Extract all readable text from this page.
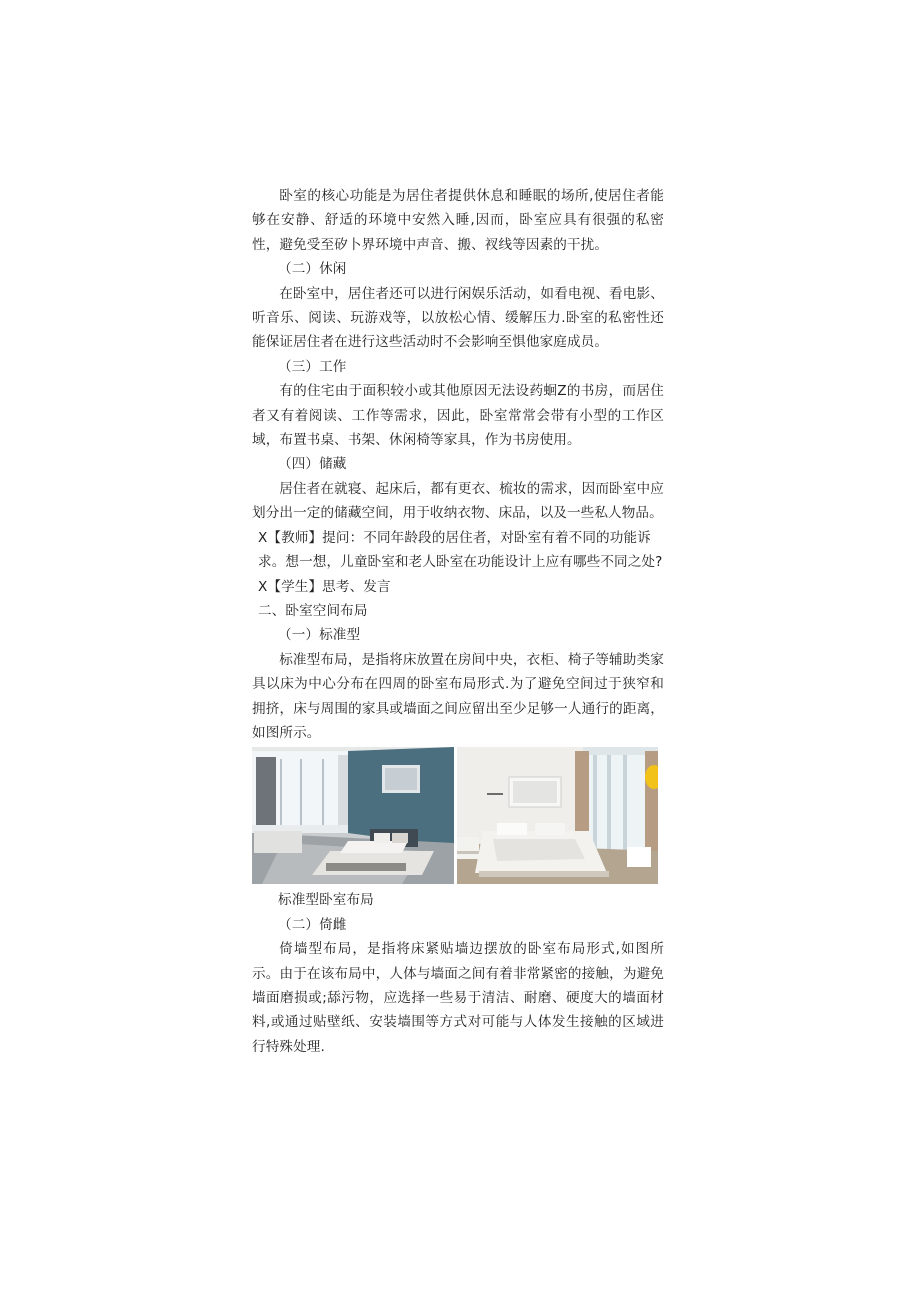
卧室的核心功能是为居住者提供休息和睡眠的场所,使居住者能够在安静、舒适的环境中安然入睡,因而，卧室应具有很强的私密性，避免受至矽卜界环境中声音、搬、衩线等因素的干扰。

（二）休闲

在卧室中，居住者还可以进行闲娱乐活动，如看电视、看电影、听音乐、阅读、玩游戏等，以放松心情、缓解压力.卧室的私密性还能保证居住者在进行这些活动时不会影响至惧他家庭成员。

（三）工作

有的住宅由于面积较小或其他原因无法设药蛔Z的书房，而居住者又有着阅读、工作等需求，因此，卧室常常会带有小型的工作区域，布置书桌、书架、休闲椅等家具，作为书房使用。

（四）储藏

居住者在就寝、起床后，都有更衣、梳妆的需求，因而卧室中应划分出一定的储藏空间，用于收纳衣物、床品，以及一些私人物品。

X【教师】提问：不同年龄段的居住者，对卧室有着不同的功能诉求。想一想，儿童卧室和老人卧室在功能设计上应有哪些不同之处?

X【学生】思考、发言

二、卧室空间布局

（一）标准型

标准型布局，是指将床放置在房间中央，衣柜、椅子等辅助类家具以床为中心分布在四周的卧室布局形式.为了避免空间过于狭窄和拥挤，床与周围的家具或墙面之间应留出至少足够一人通行的距离，如图所示。

标准型卧室布局

（二）倚雌

倚墙型布局，是指将床紧贴墙边摆放的卧室布局形式,如图所示。由于在该布局中，人体与墙面之间有着非常紧密的接触，为避免墙面磨损或;舔污物，应选择一些易于清洁、耐磨、硬度大的墙面材料,或通过贴壁纸、安装墙围等方式对可能与人体发生接触的区域进行特殊处理.
